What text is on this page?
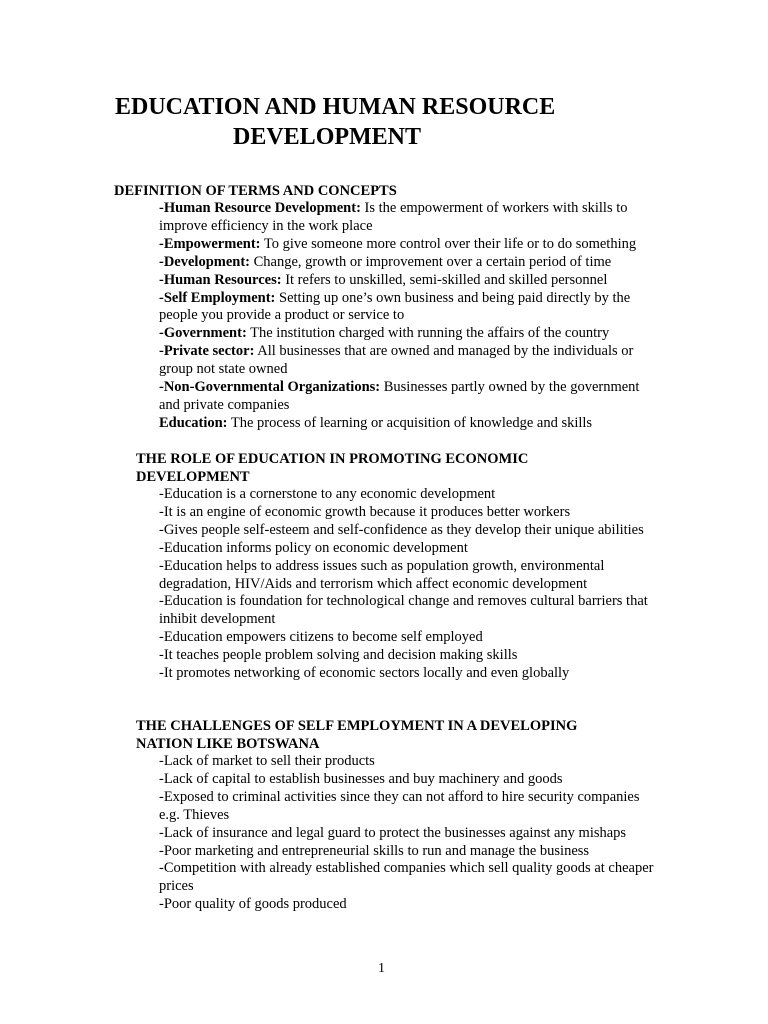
EDUCATION AND HUMAN RESOURCE
DEVELOPMENT

DEFINITION OF TERMS AND CONCEPTS

-Human Resource Development: Is the empowerment of workers with skills to improve efficiency in the work place
-Empowerment: To give someone more control over their life or to do something
-Development: Change, growth or improvement over a certain period of time
-Human Resources: It refers to unskilled, semi-skilled and skilled personnel
-Self Employment: Setting up one’s own business and being paid directly by the people you provide a product or service to
-Government: The institution charged with running the affairs of the country
-Private sector: All businesses that are owned and managed by the individuals or group not state owned
-Non-Governmental Organizations: Businesses partly owned by the government and private companies
Education: The process of learning or acquisition of knowledge and skills

THE ROLE OF EDUCATION IN PROMOTING ECONOMIC

DEVELOPMENT

-Education is a cornerstone to any economic development
-It is an engine of economic growth because it produces better workers
-Gives people self-esteem and self-confidence as they develop their unique abilities
-Education informs policy on economic development
-Education helps to address issues such as population growth, environmental degradation, HIV/Aids and terrorism which affect economic development
-Education is foundation for technological change and removes cultural barriers that inhibit development
-Education empowers citizens to become self employed
-It teaches people problem solving and decision making skills
-It promotes networking of economic sectors locally and even globally

THE CHALLENGES OF SELF EMPLOYMENT IN A DEVELOPING

NATION LIKE BOTSWANA

-Lack of market to sell their products
-Lack of capital to establish businesses and buy machinery and goods
-Exposed to criminal activities since they can not afford to hire security companies e.g. Thieves
-Lack of insurance and legal guard to protect the businesses against any mishaps
-Poor marketing and entrepreneurial skills to run and manage the business
-Competition with already established companies which sell quality goods at cheaper prices
-Poor quality of goods produced
1
